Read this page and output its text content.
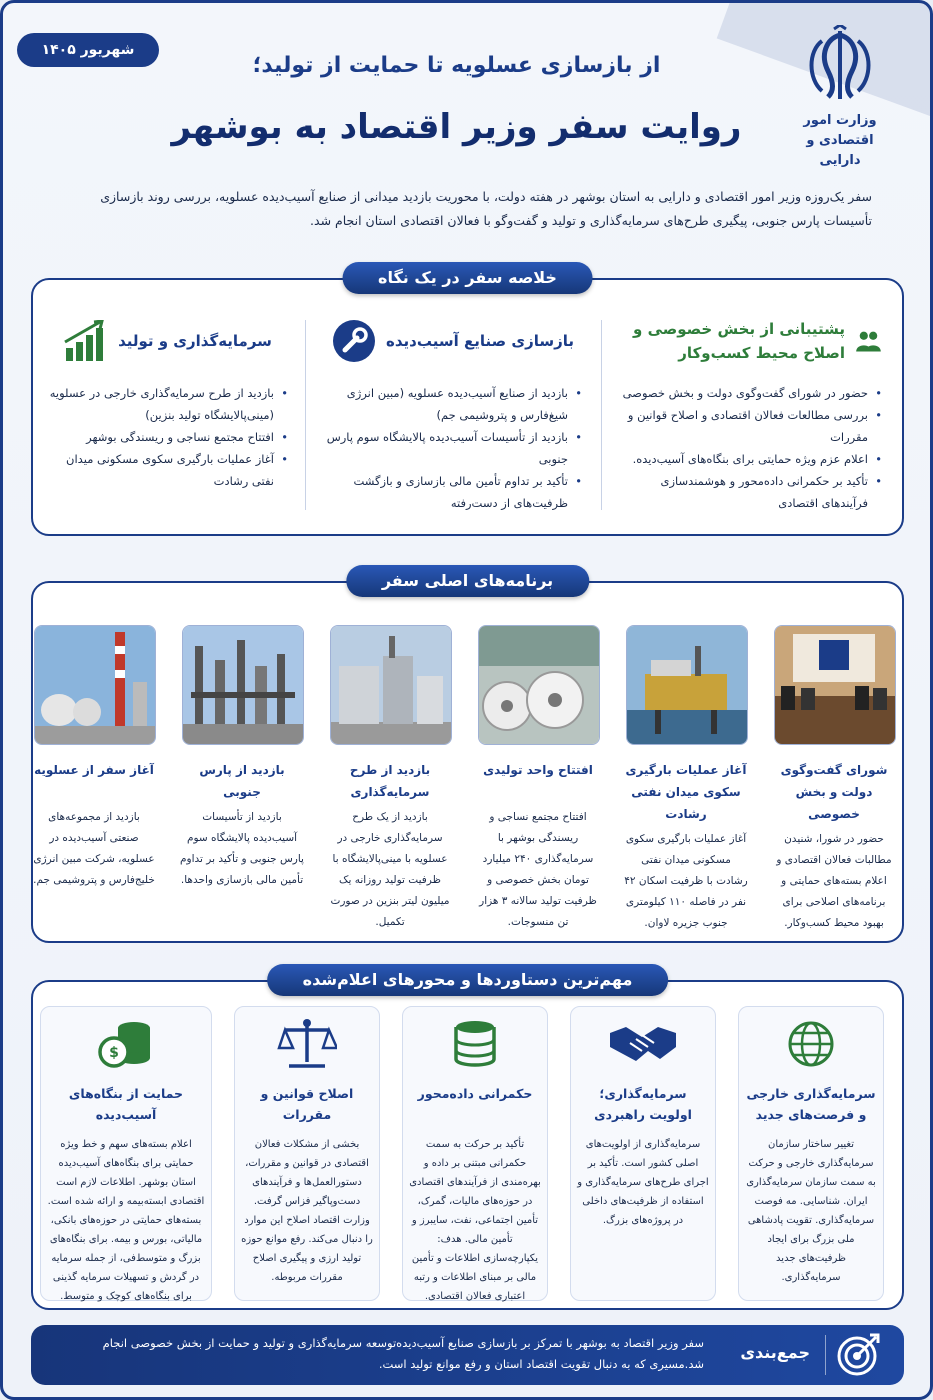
شهریور ۱۴۰۵
وزارت امور
اقتصادی و دارایی
از بازسازی عسلویه تا حمایت از تولید؛
روایت سفر وزیر اقتصاد به بوشهر
سفر یک‌روزه وزیر امور اقتصادی و دارایی به استان بوشهر در هفته دولت، با محوریت بازدید میدانی از صنایع آسیب‌دیده عسلویه، بررسی روند بازسازی تأسیسات پارس جنوبی، پیگیری طرح‌های سرمایه‌گذاری و تولید و گفت‌وگو با فعالان اقتصادی استان انجام شد.
خلاصه سفر در یک نگاه
پشتیبانی از بخش خصوصی و اصلاح محیط کسب‌وکار
• حضور در شورای گفت‌وگوی دولت و بخش خصوصی
• بررسی مطالعات فعالان اقتصادی و اصلاح قوانین و مقررات
• اعلام عزم ویژه حمایتی برای بنگاه‌های آسیب‌دیده.
• تأکید بر حکمرانی داده‌محور و هوشمندسازی فرآیندهای اقتصادی
بازسازی صنایع آسیب‌دیده
• بازدید از صنایع آسیب‌دیده عسلویه (مبین انرژی شیغ‌فارس و پتروشیمی جم)
• بازدید از تأسیسات آسیب‌دیده پالایشگاه سوم پارس جنوبی
• تأکید بر تداوم تأمین مالی بازسازی و بازگشت ظرفیت‌های از دست‌رفته
سرمایه‌گذاری و تولید
• بازدید از طرح سرمایه‌گذاری خارجی در عسلویه (مینی‌پالایشگاه تولید بنزین)
• افتتاح مجتمع نساجی و ریسندگی بوشهر
• آغاز عملیات بارگیری سکوی مسکونی میدان نفتی رشادت
برنامه‌های اصلی سفر
شورای گفت‌وگوی دولت و بخش خصوصی
حضور در شورا، شنیدن مطالبات فعالان اقتصادی و اعلام بسته‌های حمایتی و برنامه‌های اصلاحی برای بهبود محیط کسب‌وکار.
آغاز عملیات بارگیری سکوی میدان نفتی رشادت
آغاز عملیات بارگیری سکوی مسکونی میدان نفتی رشادت با ظرفیت اسکان ۴۲ نفر در فاصله ۱۱۰ کیلومتری جنوب جزیره لاوان.
افتتاح واحد تولیدی
افتتاح مجتمع نساجی و ریسندگی بوشهر با سرمایه‌گذاری ۲۴۰ میلیارد تومان بخش خصوصی و ظرفیت تولید سالانه ۳ هزار تن منسوجات.
بازدید از طرح سرمایه‌گذاری
بازدید از یک طرح سرمایه‌گذاری خارجی در عسلویه با مینی‌پالایشگاه با ظرفیت تولید روزانه یک میلیون لیتر بنزین در صورت تکمیل.
بازدید از پارس جنوبی
بازدید از تأسیسات آسیب‌دیده پالایشگاه سوم پارس جنوبی و تأکید بر تداوم تأمین مالی بازسازی واحدها.
آغاز سفر از عسلویه
بازدید از مجموعه‌های صنعتی آسیب‌دیده در عسلویه، شرکت مبین انرژی خلیج‌فارس و پتروشیمی جم.
مهم‌ترین دستاوردها و محورهای اعلام‌شده
سرمایه‌گذاری خارجی و فرصت‌های جدید
تغییر ساختار سازمان سرمایه‌گذاری خارجی و حرکت به سمت سازمان سرمایه‌گذاری ایران. شناسایی. مه فوصت سرمایه‌گذاری. تقویت پادشاهی ملی بزرگ برای ایجاد ظرفیت‌های جدید سرمایه‌گذاری.
سرمایه‌گذاری؛ اولویت راهبردی
سرمایه‌گذاری از اولویت‌های اصلی کشور است. تأکید بر اجرای طرح‌های سرمایه‌گذاری و استفاده از ظرفیت‌های داخلی در پروژه‌های بزرگ.
حکمرانی داده‌محور
تأکید بر حرکت به سمت حکمرانی مبتنی بر داده و بهره‌مندی از فرآیندهای اقتصادی در حوزه‌های مالیات، گمرک، تأمین اجتماعی، نفت، سایبرز و تأمین مالی. هدف: یکپارچه‌سازی اطلاعات و تأمین مالی بر مبنای اطلاعات و رتبه اعتباری فعالان اقتصادی.
اصلاح قوانین و مقررات
بخشی از مشکلات فعالان اقتصادی در قوانین و مقررات، دستورالعمل‌ها و فرآیندهای دست‌وپاگیر فزاس گرفت. وزارت اقتصاد اصلاح این موارد را دنبال می‌کند. رفع موانع حوزه تولید ارزی و پیگیری اصلاح مقررات مربوطه.
$
حمایت از بنگاه‌های آسیب‌دیده
اعلام بسته‌های سهم و خط ویژه حمایتی برای بنگاه‌های آسیب‌دیده استان بوشهر. اطلاعات لازم است اقتصادی ابسته‌بیمه و ارائه شده است. بسته‌های حمایتی در حوزه‌های بانکی، مالیاتی، بورس و بیمه. برای بنگاه‌های بزرگ و متوسط‌فی، از جمله سرمایه در گردش و تسهیلات سرمایه گذینی برای بنگاه‌های کوچک و متوسط.
جمع‌بندی
سفر وزیر اقتصاد به بوشهر با تمرکز بر بازسازی صنایع آسیب‌دیده‌توسعه سرمایه‌گذاری و تولید و حمایت از بخش خصوصی انجام شد.مسیری که به دنبال تقویت اقتصاد استان و رفع موانع تولید است.
